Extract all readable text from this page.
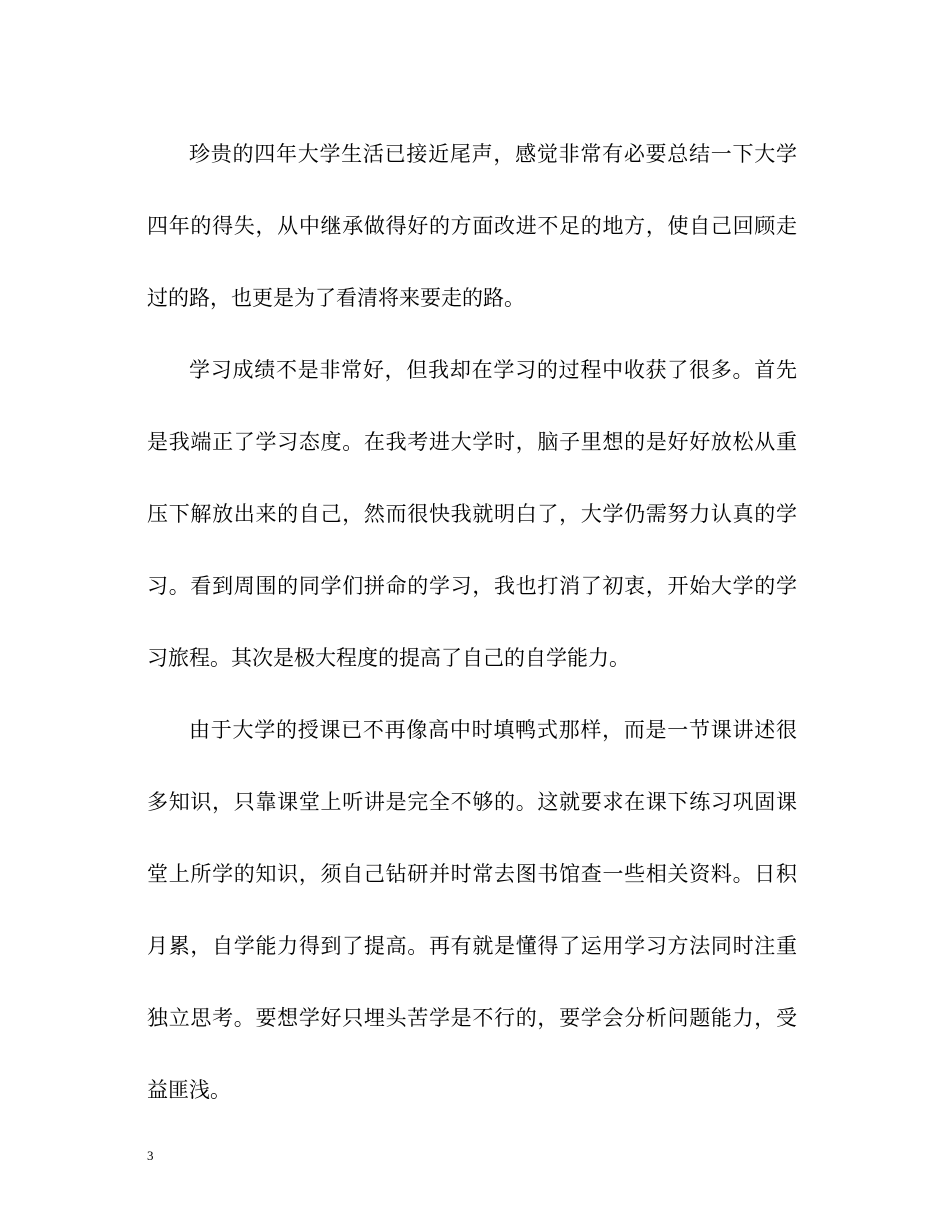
珍贵的四年大学生活已接近尾声，感觉非常有必要总结一下大学四年的得失，从中继承做得好的方面改进不足的地方，使自己回顾走过的路，也更是为了看清将来要走的路。

学习成绩不是非常好，但我却在学习的过程中收获了很多。首先是我端正了学习态度。在我考进大学时，脑子里想的是好好放松从重压下解放出来的自己，然而很快我就明白了，大学仍需努力认真的学习。看到周围的同学们拼命的学习，我也打消了初衷，开始大学的学习旅程。其次是极大程度的提高了自己的自学能力。

由于大学的授课已不再像高中时填鸭式那样，而是一节课讲述很多知识，只靠课堂上听讲是完全不够的。这就要求在课下练习巩固课堂上所学的知识，须自己钻研并时常去图书馆查一些相关资料。日积月累，自学能力得到了提高。再有就是懂得了运用学习方法同时注重独立思考。要想学好只埋头苦学是不行的，要学会分析问题能力，受益匪浅。

3
